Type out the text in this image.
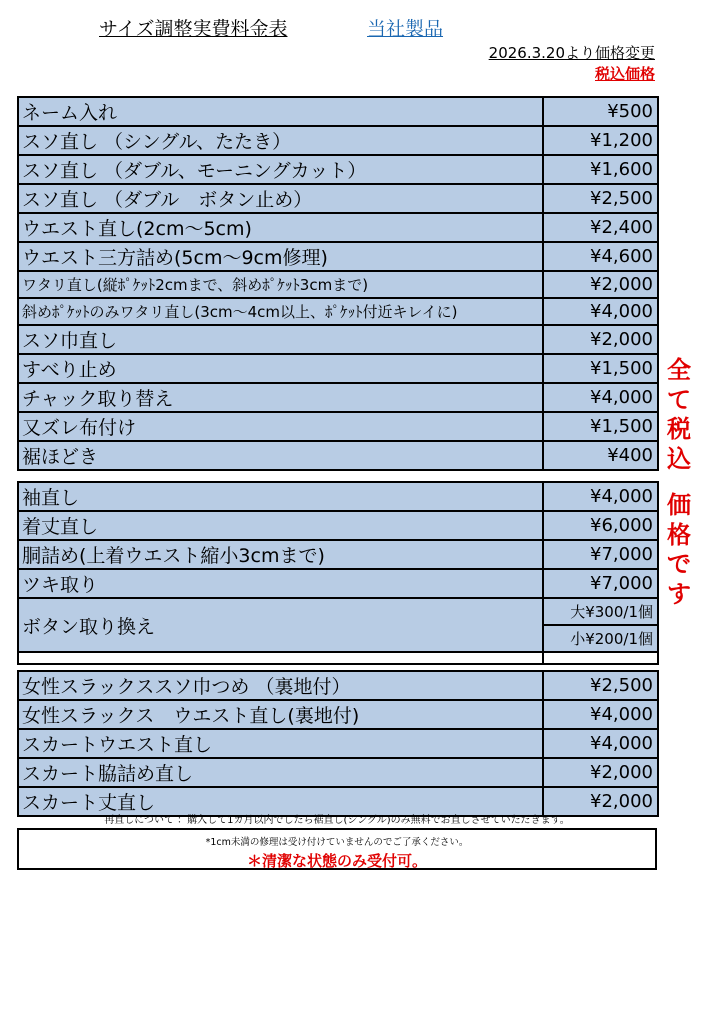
サイズ調整実費料金表	当社製品
2026.3.20より価格変更
税込価格
ネーム入れ	¥500
スソ直し （シングル、たたき）	¥1,200
スソ直し （ダブル、モーニングカット）	¥1,600
スソ直し （ダブル　ボタン止め）	¥2,500
ウエスト直し(2cm～5cm)	¥2,400
ウエスト三方詰め(5cm～9cm修理)	¥4,600
ワタリ直し(縦ﾎﾟｹｯﾄ2cmまで、斜めﾎﾟｹｯﾄ3cmまで)	¥2,000
斜めﾎﾟｹｯﾄのみワタリ直し(3cm～4cm以上、ﾎﾟｹｯﾄ付近キレイに)	¥4,000
スソ巾直し	¥2,000
すべり止め	¥1,500
チャック取り替え	¥4,000
又ズレ布付け	¥1,500
裾ほどき	¥400
袖直し	¥4,000
着丈直し	¥6,000
胴詰め(上着ウエスト縮小3cmまで)	¥7,000
ツキ取り	¥7,000
ボタン取り換え	大¥300/1個
	小¥200/1個

女性スラックススソ巾つめ （裏地付）	¥2,500
女性スラックス　ウエスト直し(裏地付)	¥4,000
スカートウエスト直し	¥4,000
スカート脇詰め直し	¥2,000
スカート丈直し	¥2,000
全
て
税
込
価
格
で
す
再直しについて ：購入して1カ月以内でしたら裾直し(シングル)のみ無料でお直しさせていただきます。
*1cm未満の修理は受け付けていませんのでご了承ください。
＊清潔な状態のみ受付可。
